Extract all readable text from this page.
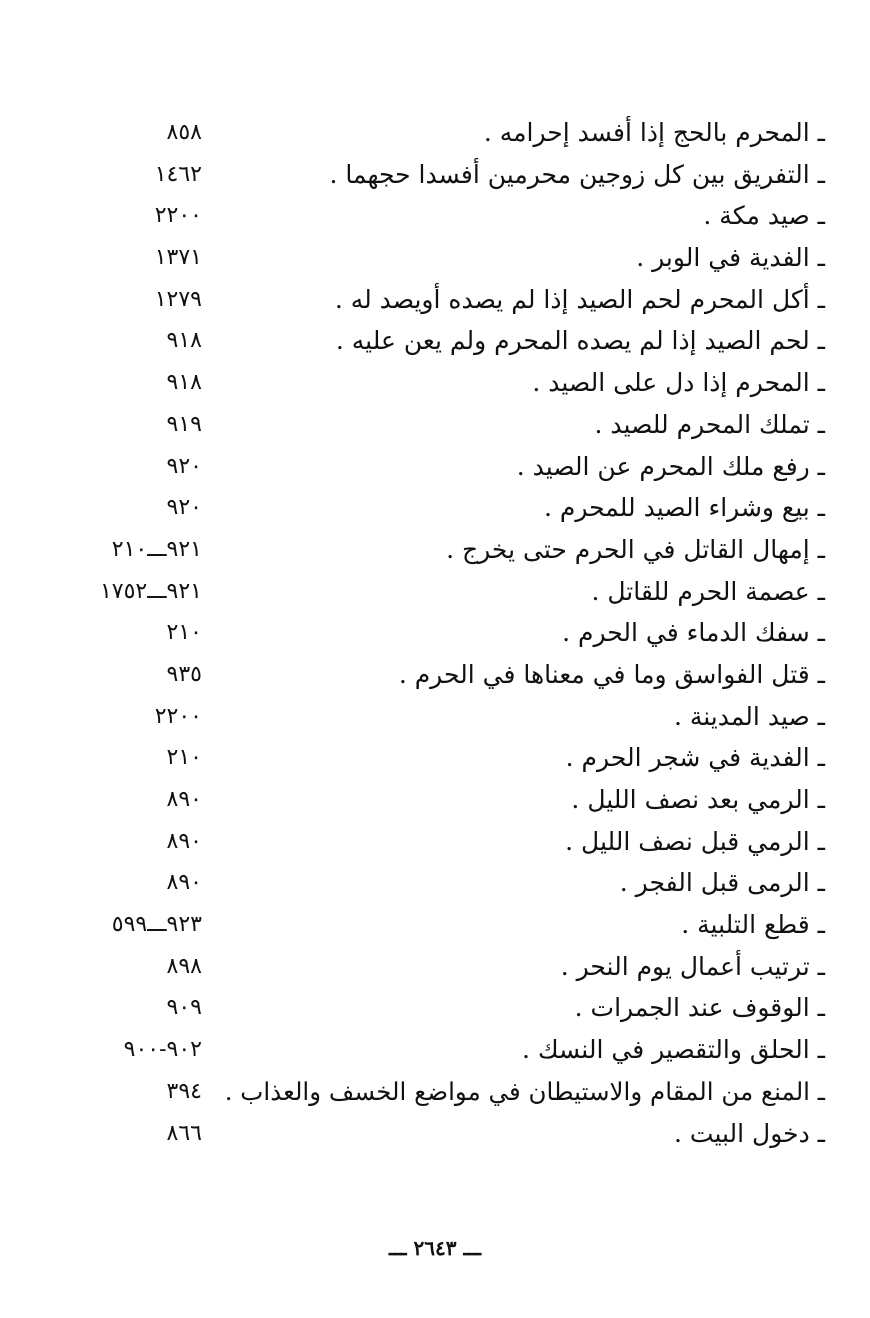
ـ المحرم بالحج إذا أفسد إحرامه .
٨٥٨
ـ التفريق بين كل زوجين محرمين أفسدا حجهما .
١٤٦٢
ـ صيد مكة .
٢٢٠٠
ـ الفدية في الوبر .
١٣٧١
ـ أكل المحرم لحم الصيد إذا لم يصده أويصد له .
١٢٧٩
ـ لحم الصيد إذا لم يصده المحرم ولم يعن عليه .
٩١٨
ـ المحرم إذا دل على الصيد .
٩١٨
ـ تملك المحرم للصيد .
٩١٩
ـ رفع ملك المحرم عن الصيد .
٩٢٠
ـ بيع وشراء الصيد للمحرم .
٩٢٠
ـ إمهال القاتل في الحرم حتى يخرج .
٩٢١ـــ٢١٠
ـ عصمة الحرم للقاتل .
٩٢١ـــ١٧٥٢
ـ سفك الدماء في الحرم .
٢١٠
ـ قتل الفواسق وما في معناها في الحرم .
٩٣٥
ـ صيد المدينة .
٢٢٠٠
ـ الفدية في شجر الحرم .
٢١٠
ـ الرمي بعد نصف الليل .
٨٩٠
ـ الرمي قبل نصف الليل .
٨٩٠
ـ الرمى قبل الفجر .
٨٩٠
ـ قطع التلبية .
٩٢٣ـــ٥٩٩
ـ ترتيب أعمال يوم النحر .
٨٩٨
ـ الوقوف عند الجمرات .
٩٠٩
ـ الحلق والتقصير في النسك .
٩٠٢-٩٠٠
ـ المنع من المقام والاستيطان في مواضع الخسف والعذاب .
٣٩٤
ـ دخول البيت .
٨٦٦
ـــ ٢٦٤٣ ـــ
